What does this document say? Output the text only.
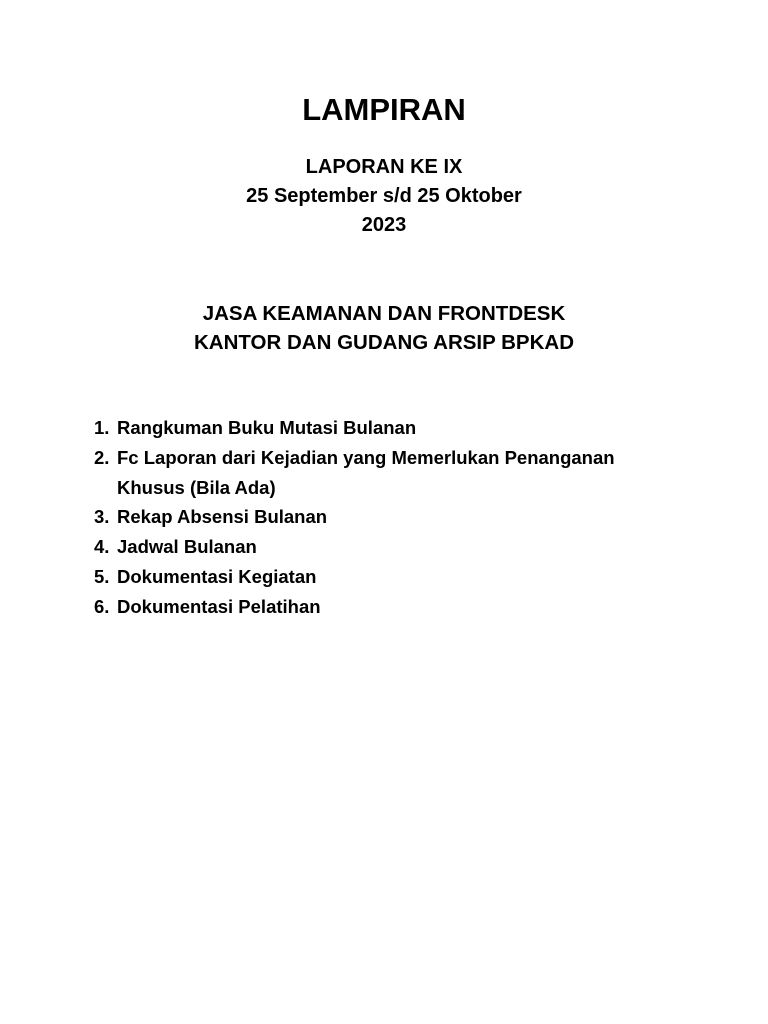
LAMPIRAN
LAPORAN KE IX
25 September s/d 25 Oktober
2023
JASA KEAMANAN DAN FRONTDESK
KANTOR DAN GUDANG ARSIP BPKAD
1. Rangkuman Buku Mutasi Bulanan
2. Fc Laporan dari Kejadian yang Memerlukan Penanganan Khusus (Bila Ada)
3. Rekap Absensi Bulanan
4. Jadwal Bulanan
5. Dokumentasi Kegiatan
6. Dokumentasi Pelatihan
